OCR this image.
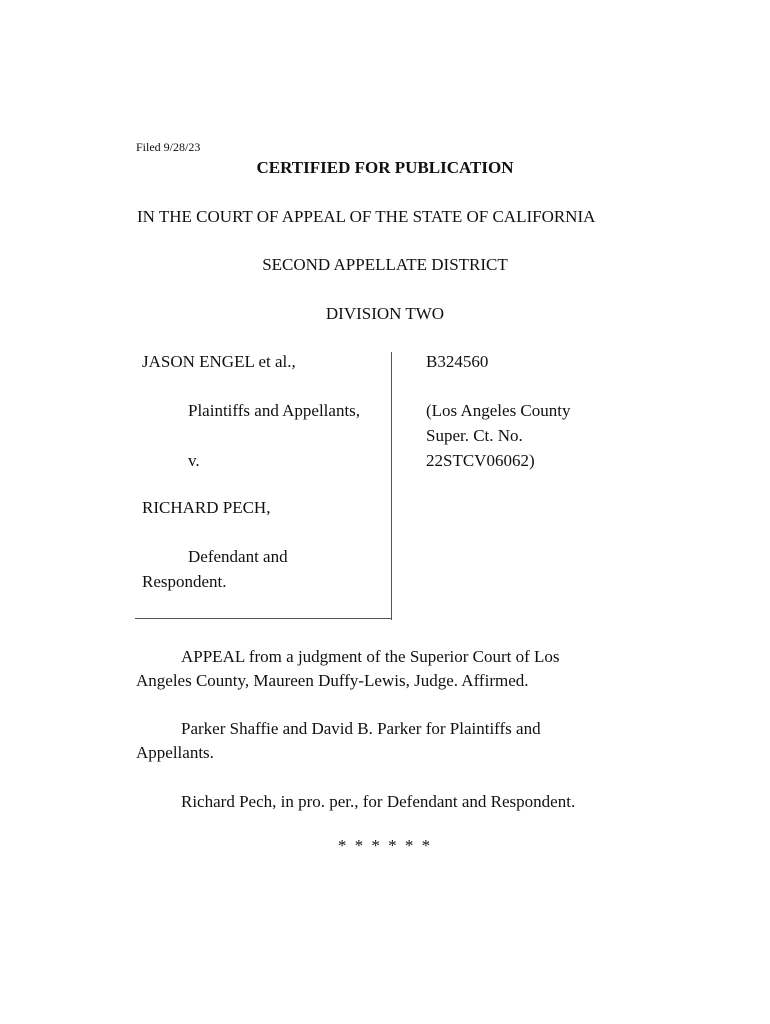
Filed 9/28/23
CERTIFIED FOR PUBLICATION
IN THE COURT OF APPEAL OF THE STATE OF CALIFORNIA
SECOND APPELLATE DISTRICT
DIVISION TWO
JASON ENGEL et al.,
Plaintiffs and Appellants,
v.
RICHARD PECH,
Defendant and
Respondent.
B324560
(Los Angeles County
Super. Ct. No.
22STCV06062)
APPEAL from a judgment of the Superior Court of Los
Angeles County, Maureen Duffy-Lewis, Judge. Affirmed.
Parker Shaffie and David B. Parker for Plaintiffs and
Appellants.
Richard Pech, in pro. per., for Defendant and Respondent.
* * * * * *
